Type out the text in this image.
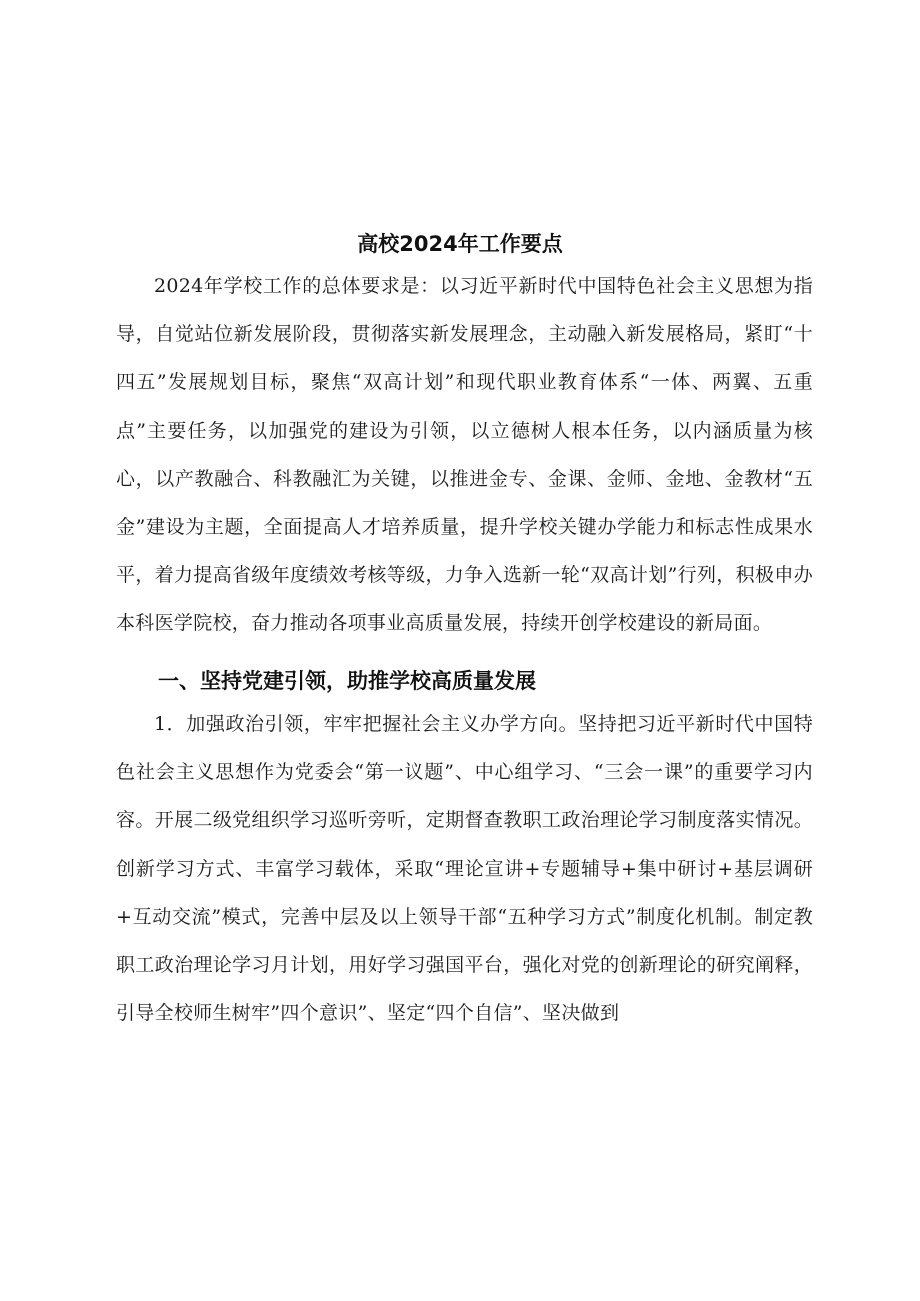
高校2024年工作要点

2024年学校工作的总体要求是：以习近平新时代中国特色社会主义思想为指导，自觉站位新发展阶段，贯彻落实新发展理念，主动融入新发展格局，紧盯“十四五”发展规划目标，聚焦“双高计划”和现代职业教育体系“一体、两翼、五重点”主要任务，以加强党的建设为引领，以立德树人根本任务，以内涵质量为核心，以产教融合、科教融汇为关键，以推进金专、金课、金师、金地、金教材“五金”建设为主题，全面提高人才培养质量，提升学校关键办学能力和标志性成果水平，着力提高省级年度绩效考核等级，力争入选新一轮“双高计划”行列，积极申办本科医学院校，奋力推动各项事业高质量发展，持续开创学校建设的新局面。

一、坚持党建引领，助推学校高质量发展

1．加强政治引领，牢牢把握社会主义办学方向。坚持把习近平新时代中国特色社会主义思想作为党委会“第一议题”、中心组学习、“三会一课”的重要学习内容。开展二级党组织学习巡听旁听，定期督查教职工政治理论学习制度落实情况。创新学习方式、丰富学习载体，采取“理论宣讲+专题辅导+集中研讨+基层调研+互动交流”模式，完善中层及以上领导干部“五种学习方式”制度化机制。制定教职工政治理论学习月计划，用好学习强国平台，强化对党的创新理论的研究阐释，引导全校师生树牢”四个意识”、坚定“四个自信”、坚决做到
